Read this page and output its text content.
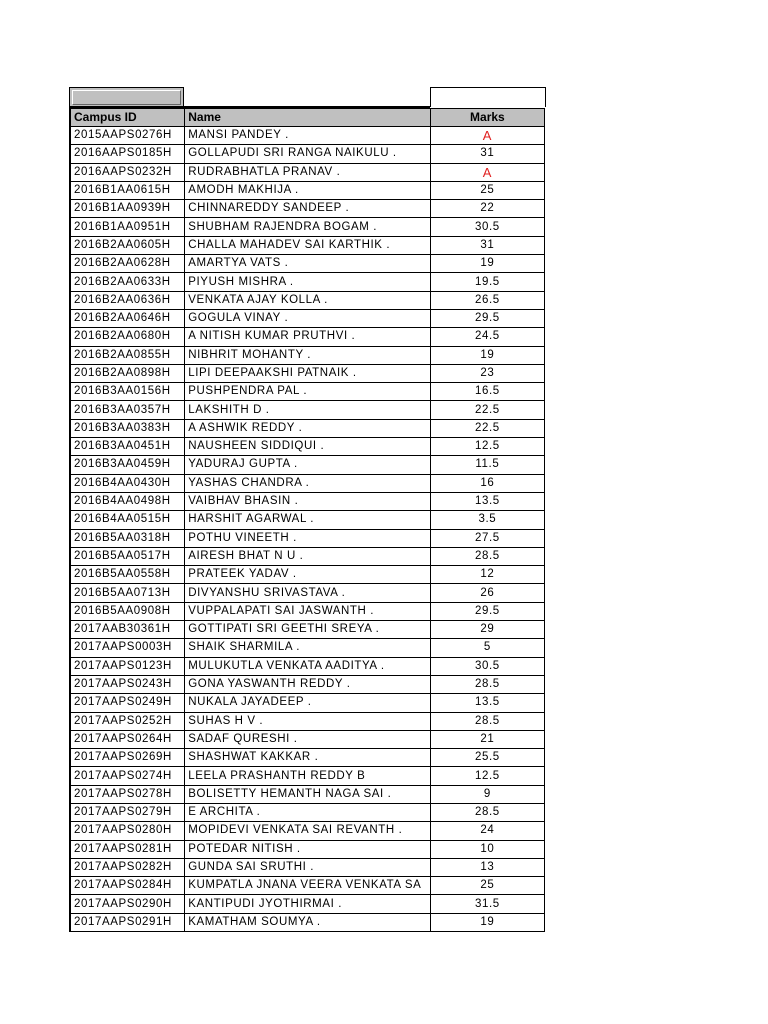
Campus ID	Name	Marks
2015AAPS0276H	MANSI PANDEY .	A
2016AAPS0185H	GOLLAPUDI SRI RANGA NAIKULU .	31
2016AAPS0232H	RUDRABHATLA PRANAV .	A
2016B1AA0615H	AMODH MAKHIJA .	25
2016B1AA0939H	CHINNAREDDY SANDEEP .	22
2016B1AA0951H	SHUBHAM RAJENDRA BOGAM .	30.5
2016B2AA0605H	CHALLA MAHADEV SAI KARTHIK .	31
2016B2AA0628H	AMARTYA VATS .	19
2016B2AA0633H	PIYUSH MISHRA .	19.5
2016B2AA0636H	VENKATA AJAY KOLLA .	26.5
2016B2AA0646H	GOGULA VINAY .	29.5
2016B2AA0680H	A NITISH KUMAR PRUTHVI .	24.5
2016B2AA0855H	NIBHRIT MOHANTY .	19
2016B2AA0898H	LIPI DEEPAAKSHI PATNAIK .	23
2016B3AA0156H	PUSHPENDRA PAL .	16.5
2016B3AA0357H	LAKSHITH D .	22.5
2016B3AA0383H	A ASHWIK REDDY .	22.5
2016B3AA0451H	NAUSHEEN SIDDIQUI .	12.5
2016B3AA0459H	YADURAJ GUPTA .	11.5
2016B4AA0430H	YASHAS CHANDRA .	16
2016B4AA0498H	VAIBHAV BHASIN .	13.5
2016B4AA0515H	HARSHIT AGARWAL .	3.5
2016B5AA0318H	POTHU VINEETH .	27.5
2016B5AA0517H	AIRESH BHAT N U .	28.5
2016B5AA0558H	PRATEEK YADAV .	12
2016B5AA0713H	DIVYANSHU SRIVASTAVA .	26
2016B5AA0908H	VUPPALAPATI SAI JASWANTH .	29.5
2017AAB30361H	GOTTIPATI SRI GEETHI SREYA .	29
2017AAPS0003H	SHAIK SHARMILA .	5
2017AAPS0123H	MULUKUTLA VENKATA AADITYA .	30.5
2017AAPS0243H	GONA YASWANTH REDDY .	28.5
2017AAPS0249H	NUKALA JAYADEEP .	13.5
2017AAPS0252H	SUHAS H V .	28.5
2017AAPS0264H	SADAF QURESHI .	21
2017AAPS0269H	SHASHWAT KAKKAR .	25.5
2017AAPS0274H	LEELA PRASHANTH REDDY B	12.5
2017AAPS0278H	BOLISETTY HEMANTH NAGA SAI .	9
2017AAPS0279H	E ARCHITA .	28.5
2017AAPS0280H	MOPIDEVI VENKATA SAI REVANTH .	24
2017AAPS0281H	POTEDAR NITISH .	10
2017AAPS0282H	GUNDA SAI SRUTHI .	13
2017AAPS0284H	KUMPATLA JNANA VEERA VENKATA SA	25
2017AAPS0290H	KANTIPUDI JYOTHIRMAI .	31.5
2017AAPS0291H	KAMATHAM SOUMYA .	19
